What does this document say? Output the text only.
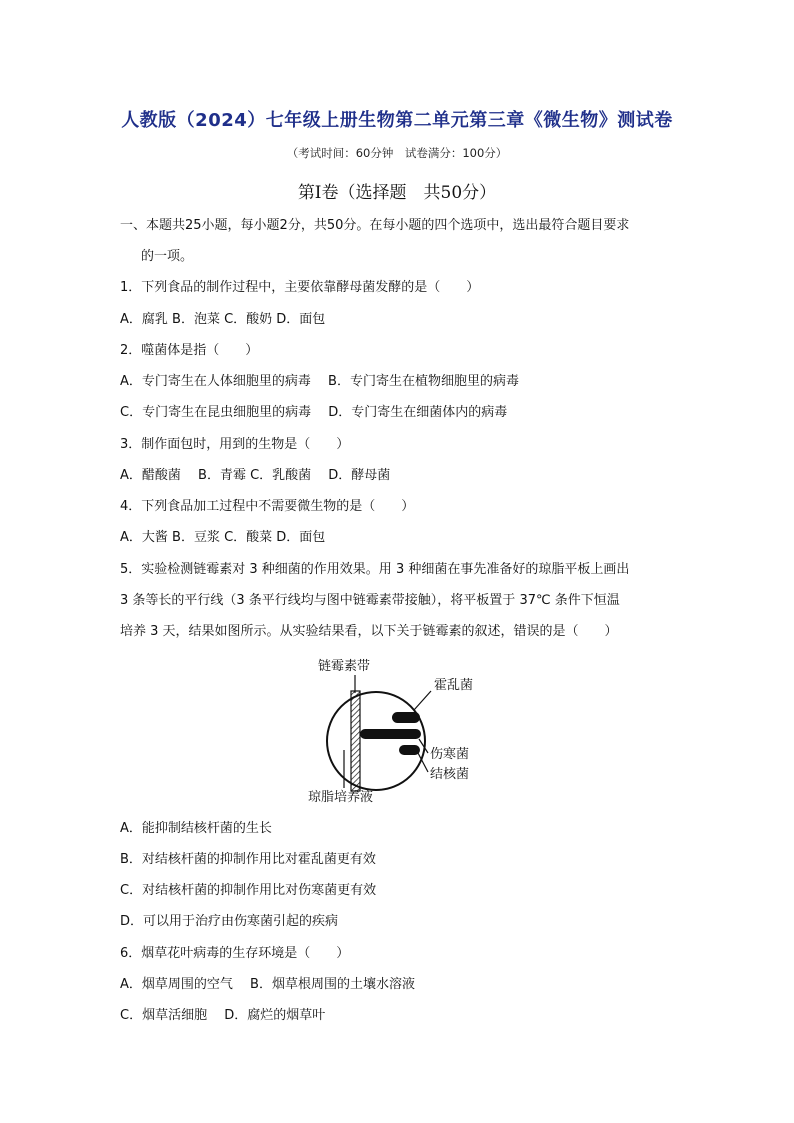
人教版（2024）七年级上册生物第二单元第三章《微生物》测试卷
（考试时间：60分钟　试卷满分：100分）
第Ⅰ卷（选择题　共50分）
一、本题共25小题，每小题2分，共50分。在每小题的四个选项中，选出最符合题目要求
的一项。
1．下列食品的制作过程中，主要依靠酵母菌发酵的是（　　）
A．腐乳 B．泡菜 C．酸奶 D．面包
2．噬菌体是指（　　）
A．专门寄生在人体细胞里的病毒　 B．专门寄生在植物细胞里的病毒
C．专门寄生在昆虫细胞里的病毒　 D．专门寄生在细菌体内的病毒
3．制作面包时，用到的生物是（　　）
A．醋酸菌　 B．青霉 C．乳酸菌　 D．酵母菌
4．下列食品加工过程中不需要微生物的是（　　）
A．大酱 B．豆浆 C．酸菜 D．面包
5．实验检测链霉素对 3 种细菌的作用效果。用 3 种细菌在事先准备好的琼脂平板上画出
3 条等长的平行线（3 条平行线均与图中链霉素带接触），将平板置于 37℃ 条件下恒温
培养 3 天，结果如图所示。从实验结果看，以下关于链霉素的叙述，错误的是（　　）
链霉素带
霍乱菌
伤寒菌
结核菌
琼脂培养液
A．能抑制结核杆菌的生长
B．对结核杆菌的抑制作用比对霍乱菌更有效
C．对结核杆菌的抑制作用比对伤寒菌更有效
D．可以用于治疗由伤寒菌引起的疾病
6．烟草花叶病毒的生存环境是（　　）
A．烟草周围的空气　 B．烟草根周围的土壤水溶液
C．烟草活细胞　 D．腐烂的烟草叶
